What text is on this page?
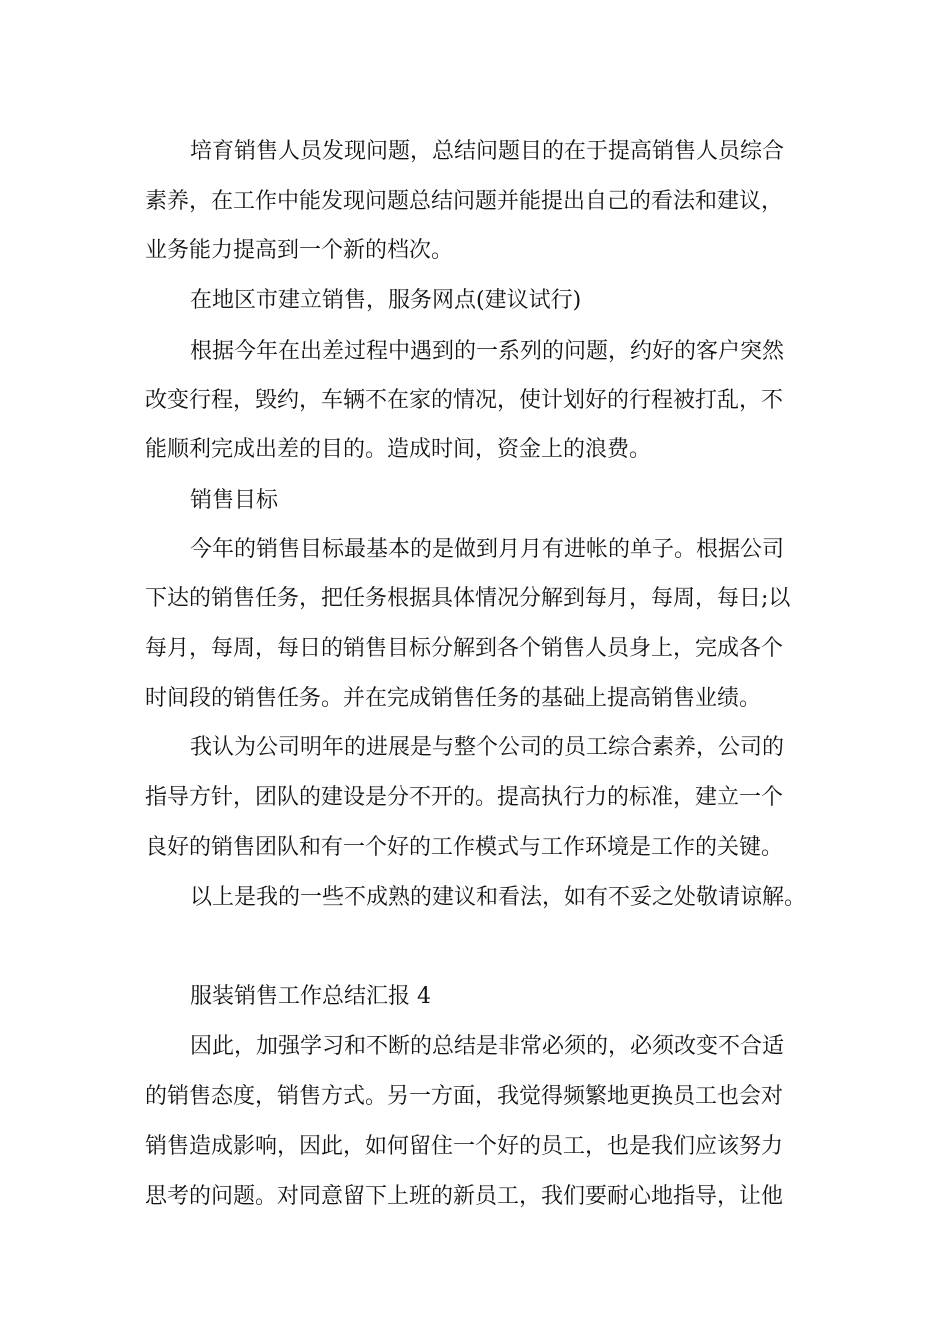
培育销售人员发现问题，总结问题目的在于提高销售人员综合
素养，在工作中能发现问题总结问题并能提出自己的看法和建议，
业务能力提高到一个新的档次。
在地区市建立销售，服务网点(建议试行)
根据今年在出差过程中遇到的一系列的问题，约好的客户突然
改变行程，毁约，车辆不在家的情况，使计划好的行程被打乱，不
能顺利完成出差的目的。造成时间，资金上的浪费。
销售目标
今年的销售目标最基本的是做到月月有进帐的单子。根据公司
下达的销售任务，把任务根据具体情况分解到每月，每周，每日;以
每月，每周，每日的销售目标分解到各个销售人员身上，完成各个
时间段的销售任务。并在完成销售任务的基础上提高销售业绩。
我认为公司明年的进展是与整个公司的员工综合素养，公司的
指导方针，团队的建设是分不开的。提高执行力的标准，建立一个
良好的销售团队和有一个好的工作模式与工作环境是工作的关键。
以上是我的一些不成熟的建议和看法，如有不妥之处敬请谅解。
服装销售工作总结汇报 4
因此，加强学习和不断的总结是非常必须的，必须改变不合适
的销售态度，销售方式。另一方面，我觉得频繁地更换员工也会对
销售造成影响，因此，如何留住一个好的员工，也是我们应该努力
思考的问题。对同意留下上班的新员工，我们要耐心地指导，让他
